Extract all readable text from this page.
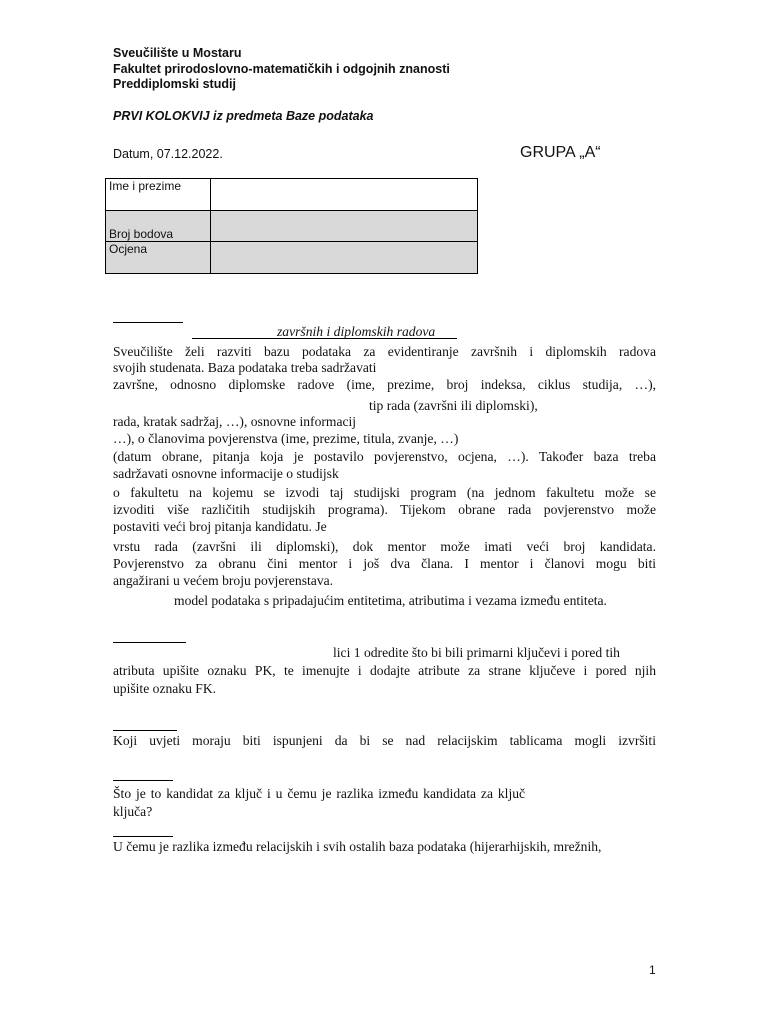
Sveučilište u Mostaru
Fakultet prirodoslovno-matematičkih i odgojnih znanosti
Preddiplomski studij
PRVI KOLOKVIJ iz predmeta Baze podataka
Datum, 07.12.2022.	GRUPA „A“
Ime i prezime	
Broj bodova	
Ocjena	
završnih i diplomskih radova
Sveučilište želi razviti bazu podataka za evidentiranje završnih i diplomskih radova
svojih studenata. Baza podataka treba sadržavati
završne, odnosno diplomske radove (ime, prezime, broj indeksa, ciklus studija, …),
tip rada (završni ili diplomski),
rada, kratak sadržaj, …), osnovne informacij
…), o članovima povjerenstva (ime, prezime, titula, zvanje, …)
(datum obrane, pitanja koja je postavilo povjerenstvo, ocjena, …). Također baza treba
sadržavati osnovne informacije o studijsk
o fakultetu na kojemu se izvodi taj studijski program (na jednom fakultetu može se
izvoditi više različitih studijskih programa). Tijekom obrane rada povjerenstvo može
postaviti veći broj pitanja kandidatu. Je
vrstu rada (završni ili diplomski), dok mentor može imati veći broj kandidata.
Povjerenstvo za obranu čini mentor i još dva člana. I mentor i članovi mogu biti
angažirani u većem broju povjerenstava.
model podataka s pripadajućim entitetima, atributima i vezama između entiteta.
lici 1 odredite što bi bili primarni ključevi i pored tih
atributa upišite oznaku PK, te imenujte i dodajte atribute za strane ključeve i pored njih
upišite oznaku FK.
Koji uvjeti moraju biti ispunjeni da bi se nad relacijskim tablicama mogli izvršiti
Što je to kandidat za ključ i u čemu je razlika između kandidata za ključ
ključa?
U čemu je razlika između relacijskih i svih ostalih baza podataka (hijerarhijskih, mrežnih,
1
